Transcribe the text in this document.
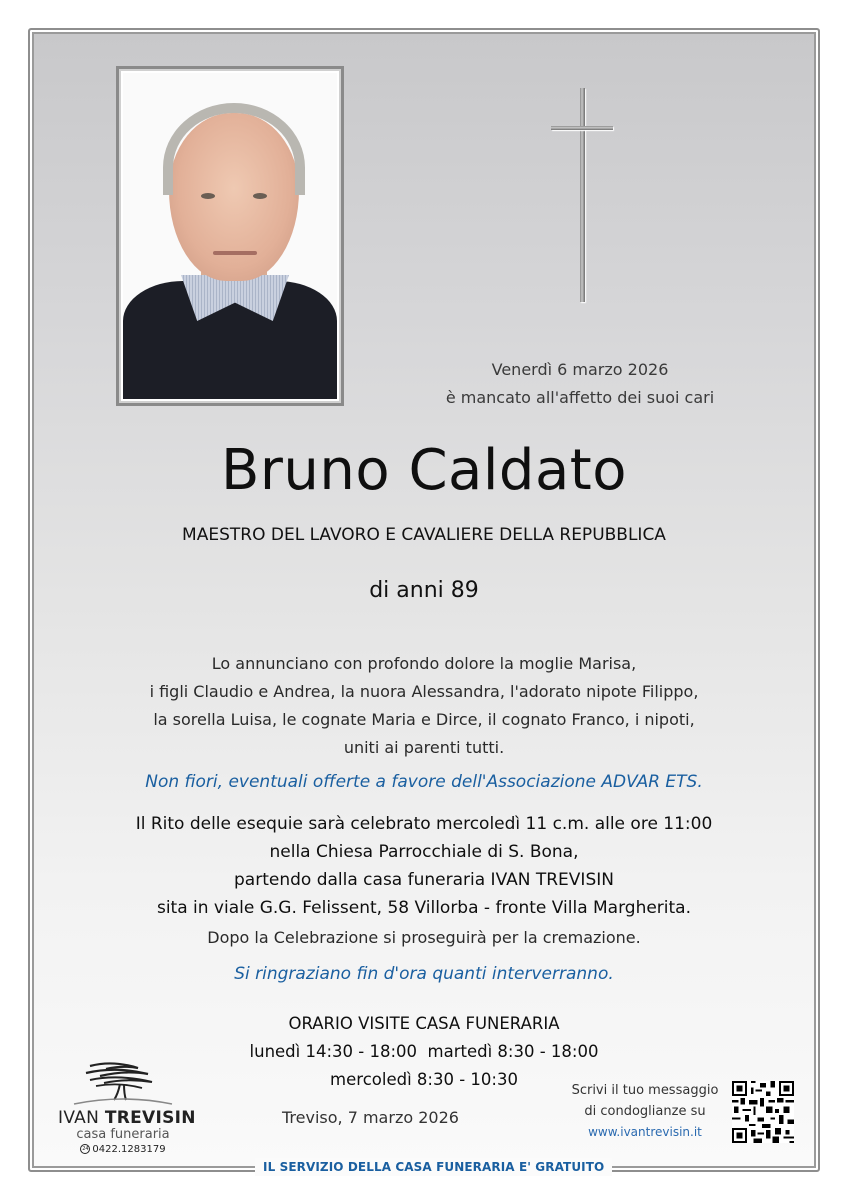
Venerdì 6 marzo 2026
è mancato all'affetto dei suoi cari
Bruno Caldato
MAESTRO DEL LAVORO E CAVALIERE DELLA REPUBBLICA
di anni 89
Lo annunciano con profondo dolore la moglie Marisa,
i figli Claudio e Andrea, la nuora Alessandra, l'adorato nipote Filippo,
la sorella Luisa, le cognate Maria e Dirce, il cognato Franco, i nipoti,
uniti ai parenti tutti.
Non fiori, eventuali offerte a favore dell'Associazione ADVAR ETS.
Il Rito delle esequie sarà celebrato mercoledì 11 c.m. alle ore 11:00
nella Chiesa Parrocchiale di S. Bona,
partendo dalla casa funeraria IVAN TREVISIN
sita in viale G.G. Felissent, 58 Villorba - fronte Villa Margherita.
Dopo la Celebrazione si proseguirà per la cremazione.
Si ringraziano fin d'ora quanti interverranno.
ORARIO VISITE CASA FUNERARIA
lunedì 14:30 - 18:00  martedì 8:30 - 18:00
mercoledì 8:30 - 10:30
Treviso, 7 marzo 2026
IVAN TREVISIN
casa funeraria
24 0422.1283179
Scrivi il tuo messaggio
di condoglianze su
www.ivantrevisin.it
IL SERVIZIO DELLA CASA FUNERARIA E' GRATUITO
